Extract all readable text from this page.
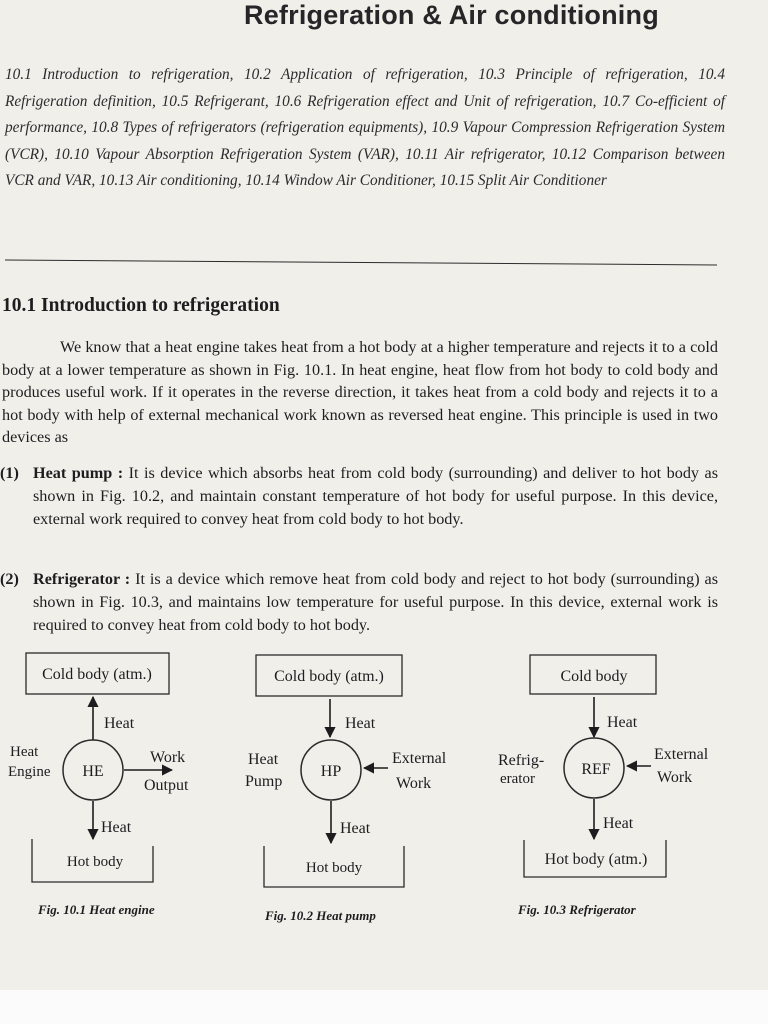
Refrigeration & Air conditioning
10.1 Introduction to refrigeration, 10.2 Application of refrigeration, 10.3 Principle of refrigeration, 10.4 Refrigeration definition, 10.5 Refrigerant, 10.6 Refrigeration effect and Unit of refrigeration, 10.7 Co-efficient of performance, 10.8 Types of refrigerators (refrigeration equipments), 10.9 Vapour Compression Refrigeration System (VCR), 10.10 Vapour Absorption Refrigeration System (VAR), 10.11 Air refrigerator, 10.12 Comparison between VCR and VAR, 10.13 Air conditioning, 10.14 Window Air Conditioner, 10.15 Split Air Conditioner
10.1 Introduction to refrigeration
We know that a heat engine takes heat from a hot body at a higher temperature and rejects it to a cold body at a lower temperature as shown in Fig. 10.1. In heat engine, heat flow from hot body to cold body and produces useful work. If it operates in the reverse direction, it takes heat from a cold body and rejects it to a hot body with help of external mechanical work known as reversed heat engine. This principle is used in two devices as
(1) Heat pump : It is device which absorbs heat from cold body (surrounding) and deliver to hot body as shown in Fig. 10.2, and maintain constant temperature of hot body for useful purpose. In this device, external work required to convey heat from cold body to hot body.
(2) Refrigerator : It is a device which remove heat from cold body and reject to hot body (surrounding) as shown in Fig. 10.3, and maintains low temperature for useful purpose. In this device, external work is required to convey heat from cold body to hot body.
Cold body (atm.)
Heat
HE
Heat
Engine
Work
Output
Heat
Hot body
Fig. 10.1 Heat engine
Cold body (atm.)
Heat
HP
Heat
Pump
External
Work
Heat
Hot body
Fig. 10.2 Heat pump
Cold body
Heat
REF
Refrig-
erator
External
Work
Heat
Hot body (atm.)
Fig. 10.3 Refrigerator
